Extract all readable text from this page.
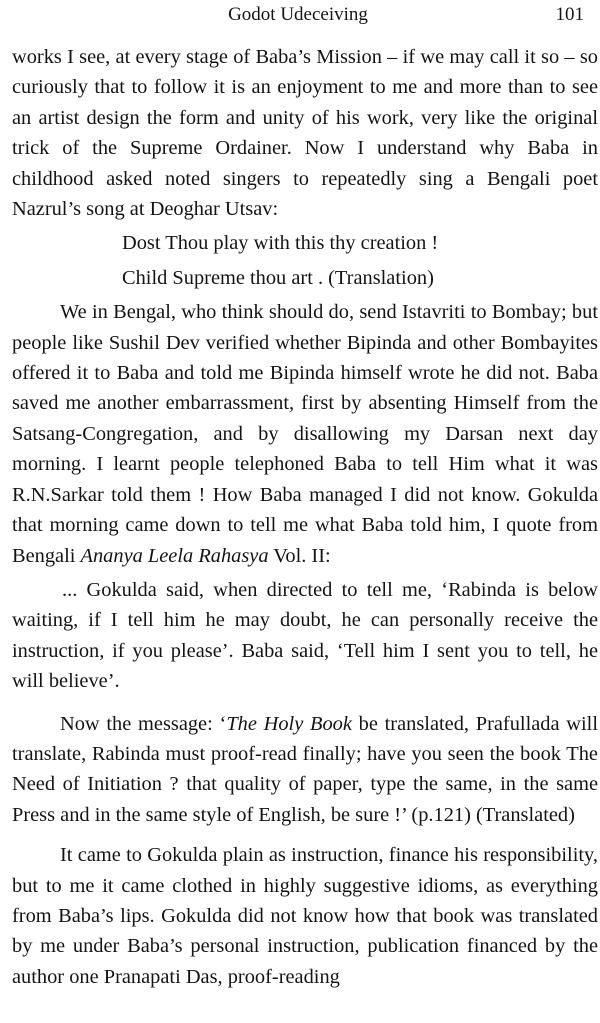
Godot Udeceiving	101

works I see, at every stage of Baba’s Mission – if we may call it so – so curiously that to follow it is an enjoyment to me and more than to see an artist design the form and unity of his work, very like the original trick of the Supreme Ordainer. Now I understand why Baba in childhood asked noted singers to repeatedly sing a Bengali poet Nazrul’s song at Deoghar Utsav:

Dost Thou play with this thy creation !

Child Supreme thou art . (Translation)

We in Bengal, who think should do, send Istavriti to Bombay; but people like Sushil Dev verified whether Bipinda and other Bombayites offered it to Baba and told me Bipinda himself wrote he did not. Baba saved me another embarrassment, first by absenting Himself from the Satsang-Congregation, and by disallowing my Darsan next day morning. I learnt people telephoned Baba to tell Him what it was R.N.Sarkar told them ! How Baba managed I did not know. Gokulda that morning came down to tell me what Baba told him, I quote from Bengali Ananya Leela Rahasya Vol. II:

... Gokulda said, when directed to tell me, ‘Rabinda is below waiting, if I tell him he may doubt, he can personally receive the instruction, if you please’. Baba said, ‘Tell him I sent you to tell, he will believe’.

Now the message: ‘The Holy Book be translated, Prafullada will translate, Rabinda must proof-read finally; have you seen the book The Need of Initiation ? that quality of paper, type the same, in the same Press and in the same style of English, be sure !’ (p.121) (Translated)

It came to Gokulda plain as instruction, finance his responsibility, but to me it came clothed in highly suggestive idioms, as everything from Baba’s lips. Gokulda did not know how that book was translated by me under Baba’s personal instruction, publication financed by the author one Pranapati Das, proof-reading
